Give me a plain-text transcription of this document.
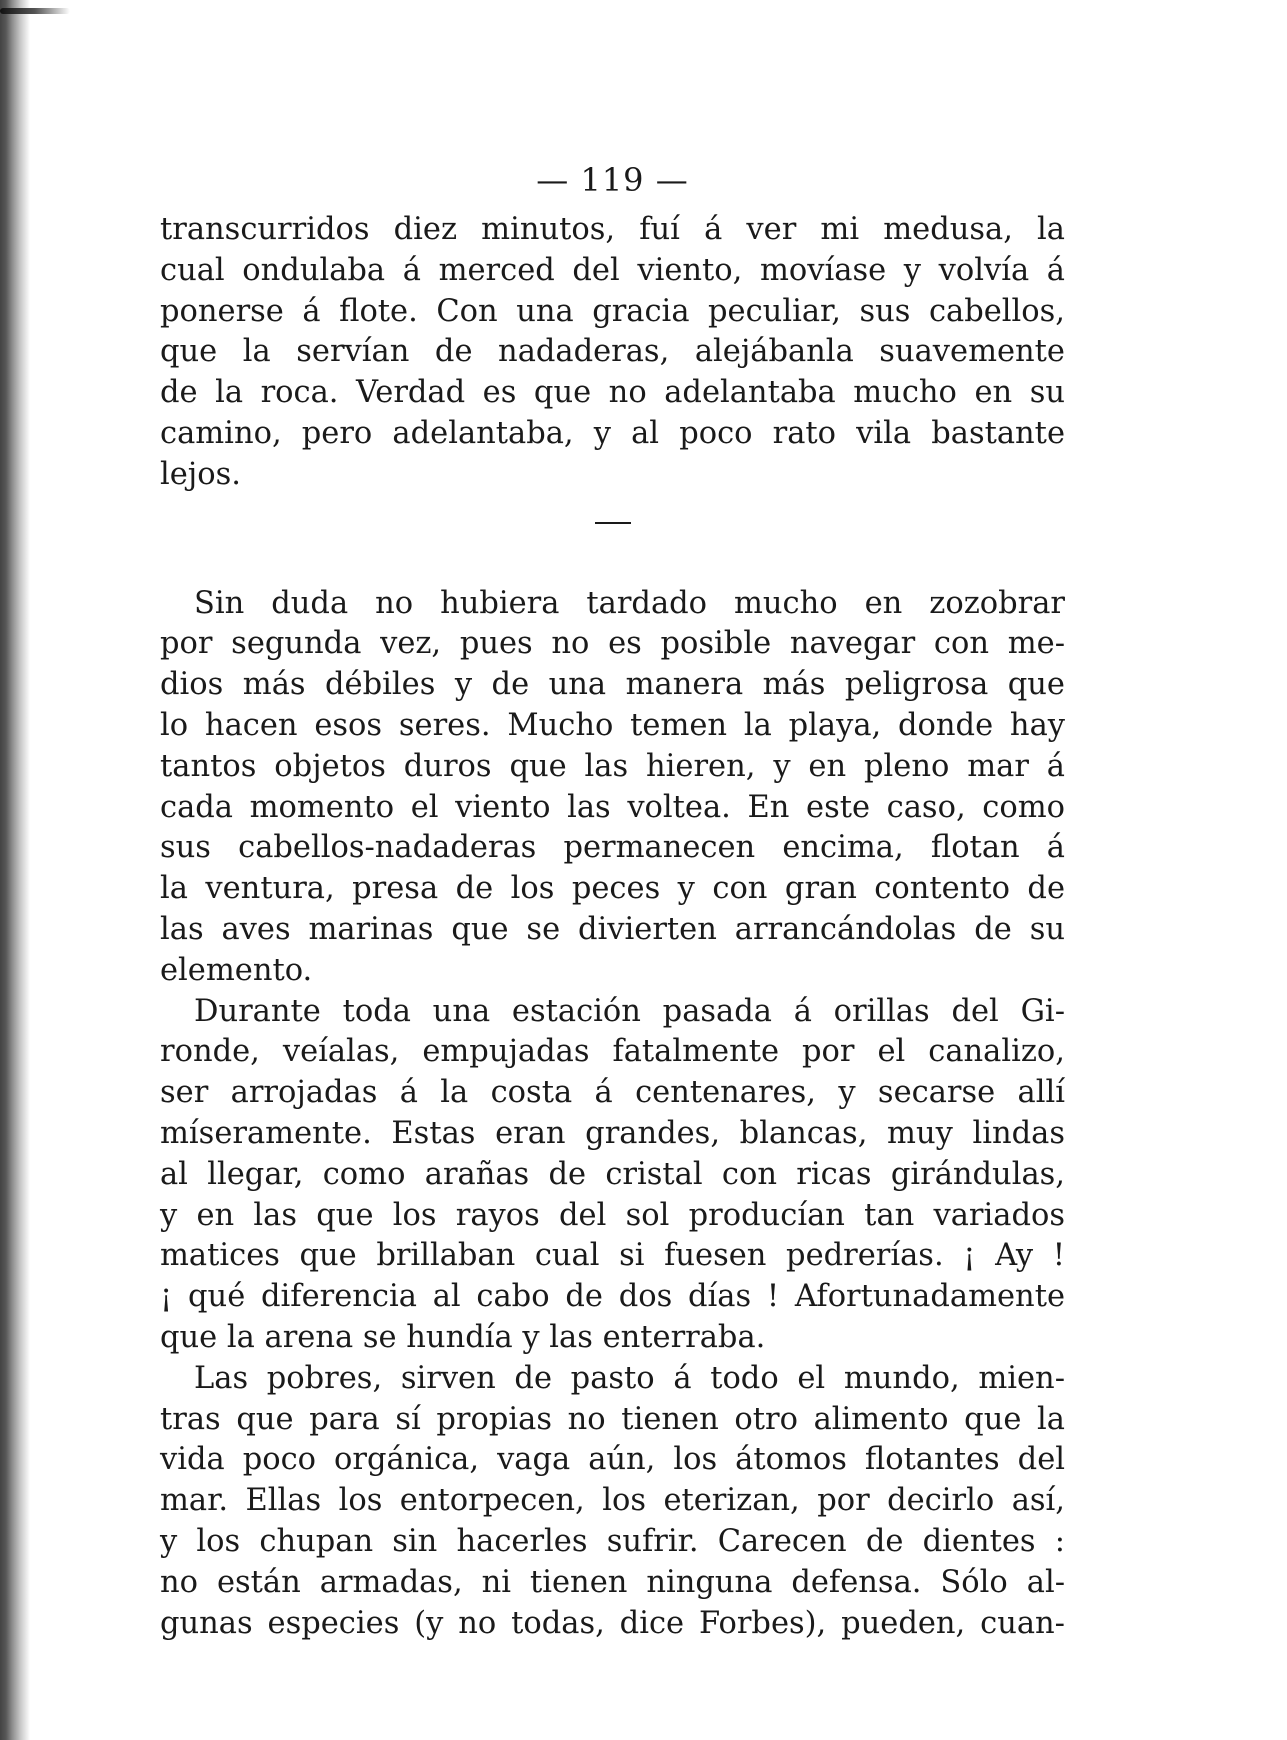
— 119 —
transcurridos diez minutos, fuí á ver mi medusa, la
cual ondulaba á merced del viento, movíase y volvía á
ponerse á flote. Con una gracia peculiar, sus cabellos,
que la servían de nadaderas, alejábanla suavemente
de la roca. Verdad es que no adelantaba mucho en su
camino, pero adelantaba, y al poco rato vila bastante
lejos.
Sin duda no hubiera tardado mucho en zozobrar
por segunda vez, pues no es posible navegar con me-
dios más débiles y de una manera más peligrosa que
lo hacen esos seres. Mucho temen la playa, donde hay
tantos objetos duros que las hieren, y en pleno mar á
cada momento el viento las voltea. En este caso, como
sus cabellos-nadaderas permanecen encima, flotan á
la ventura, presa de los peces y con gran contento de
las aves marinas que se divierten arrancándolas de su
elemento.
Durante toda una estación pasada á orillas del Gi-
ronde, veíalas, empujadas fatalmente por el canalizo,
ser arrojadas á la costa á centenares, y secarse allí
míseramente. Estas eran grandes, blancas, muy lindas
al llegar, como arañas de cristal con ricas girándulas,
y en las que los rayos del sol producían tan variados
matices que brillaban cual si fuesen pedrerías. ¡ Ay !
¡ qué diferencia al cabo de dos días ! Afortunadamente
que la arena se hundía y las enterraba.
Las pobres, sirven de pasto á todo el mundo, mien-
tras que para sí propias no tienen otro alimento que la
vida poco orgánica, vaga aún, los átomos flotantes del
mar. Ellas los entorpecen, los eterizan, por decirlo así,
y los chupan sin hacerles sufrir. Carecen de dientes :
no están armadas, ni tienen ninguna defensa. Sólo al-
gunas especies (y no todas, dice Forbes), pueden, cuan-
